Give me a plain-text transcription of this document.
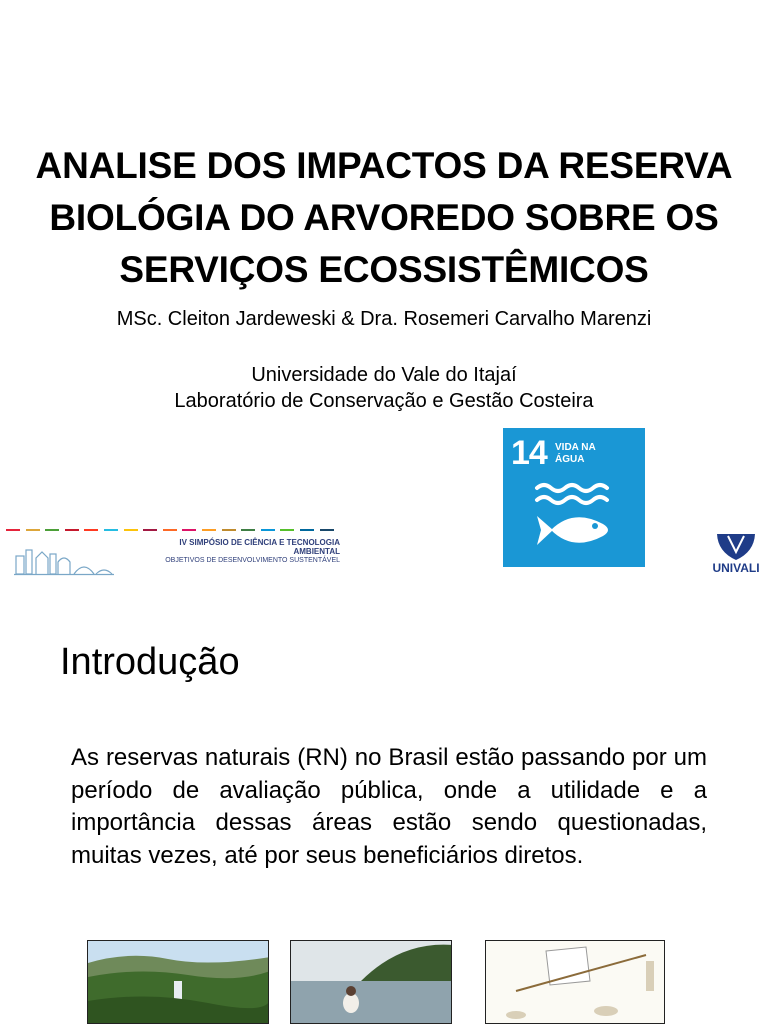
ANALISE DOS IMPACTOS DA RESERVA
BIOLÓGIA DO ARVOREDO SOBRE OS
SERVIÇOS ECOSSISTÊMICOS
MSc. Cleiton Jardeweski & Dra. Rosemeri Carvalho Marenzi
Universidade do Vale do Itajaí
Laboratório de Conservação e Gestão Costeira
IV SIMPÓSIO DE CIÊNCIA E TECNOLOGIA AMBIENTAL
OBJETIVOS DE DESENVOLVIMENTO SUSTENTÁVEL
14 VIDA NA
ÁGUA
UNIVALI
Introdução
As reservas naturais (RN) no Brasil estão passando por um período de avaliação pública, onde a utilidade e a importância dessas áreas estão sendo questionadas, muitas vezes, até por seus beneficiários diretos.
